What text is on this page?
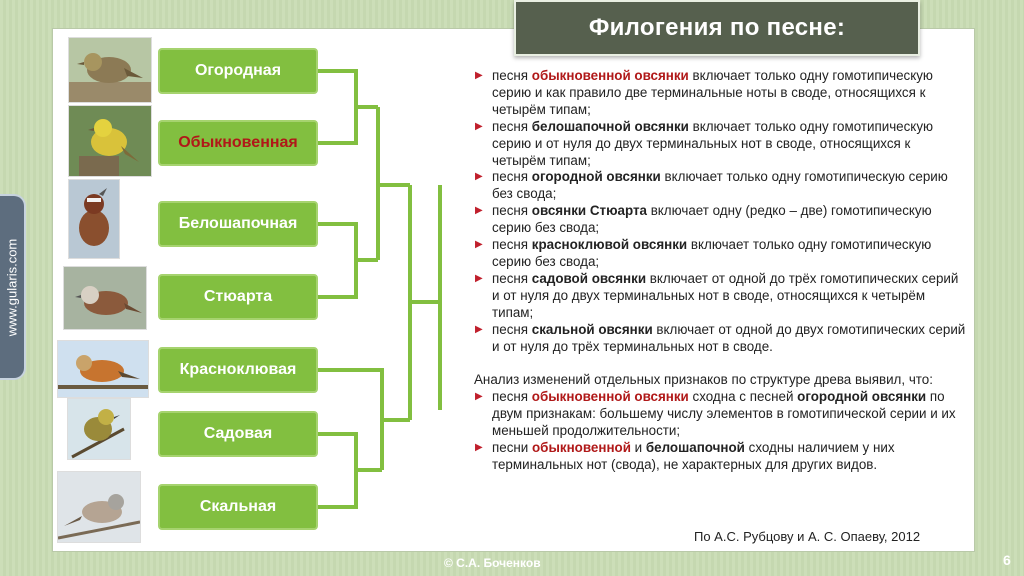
Филогения по песне:
www.gularis.com
Огородная
Обыкновенная
Белошапочная
Стюарта
Красноклювая
Садовая
Скальная
▶ песня обыкновенной овсянки включает только одну гомотипическую серию и как правило две терминальные ноты в своде, относящихся к четырём типам;
▶ песня белошапочной овсянки включает только одну гомотипическую серию и от нуля до двух терминальных нот в своде, относящихся к четырём типам;
▶ песня огородной овсянки включает только одну гомотипическую серию без свода;
▶ песня овсянки Стюарта включает одну (редко – две) гомотипическую серию без свода;
▶ песня красноклювой овсянки включает только одну гомотипическую серию без свода;
▶ песня садовой овсянки включает от одной до трёх гомотипических серий и от нуля до двух терминальных нот в своде, относящихся к четырём типам;
▶ песня скальной овсянки включает от одной до двух гомотипических серий и от нуля до трёх терминальных нот в своде.
Анализ изменений отдельных признаков по структуре древа выявил, что:
▶ песня обыкновенной овсянки сходна с песней огородной овсянки по двум признакам: большему числу элементов в гомотипической серии и их меньшей продолжительности;
▶ песни обыкновенной и белошапочной сходны наличием у них терминальных нот (свода), не характерных для других видов.
По А.С. Рубцову и А. С. Опаеву, 2012
© С.А. Боченков	6
